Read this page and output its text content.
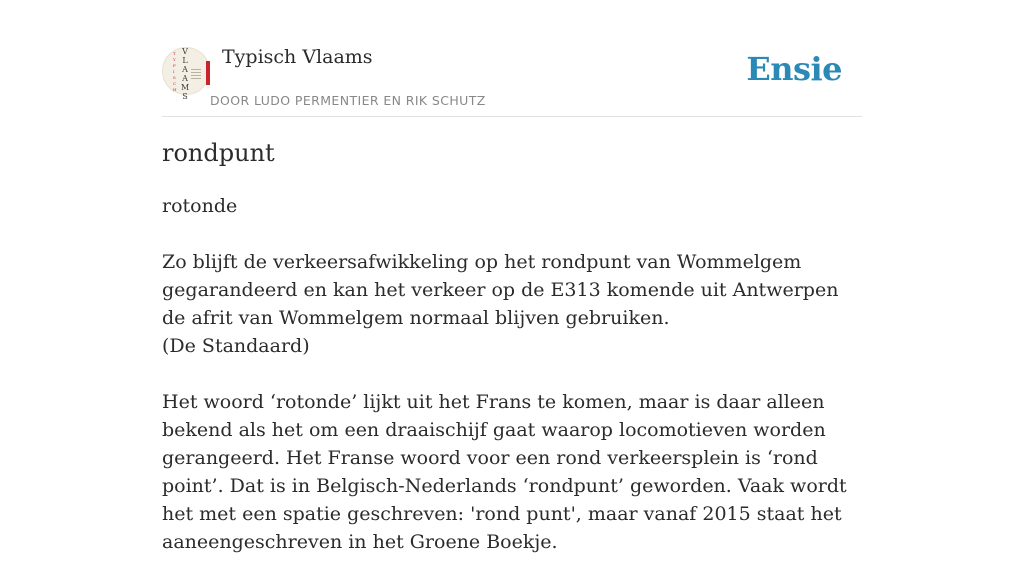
T
Y
P
I
S
C
H
V
L
A
A
M
S
Typisch Vlaams
DOOR LUDO PERMENTIER EN RIK SCHUTZ
Ensie
rondpunt

rotonde

Zo blijft de verkeersafwikkeling op het rondpunt van Wommelgem gegarandeerd en kan het verkeer op de E313 komende uit Antwerpen de afrit van Wommelgem normaal blijven gebruiken.
(De Standaard)

Het woord ‘rotonde’ lijkt uit het Frans te komen, maar is daar alleen bekend als het om een draaischijf gaat waarop locomotieven worden gerangeerd. Het Franse woord voor een rond verkeersplein is ‘rond point’. Dat is in Belgisch-Nederlands ‘rondpunt’ geworden. Vaak wordt het met een spatie geschreven: 'rond punt', maar vanaf 2015 staat het aaneengeschreven in het Groene Boekje.
